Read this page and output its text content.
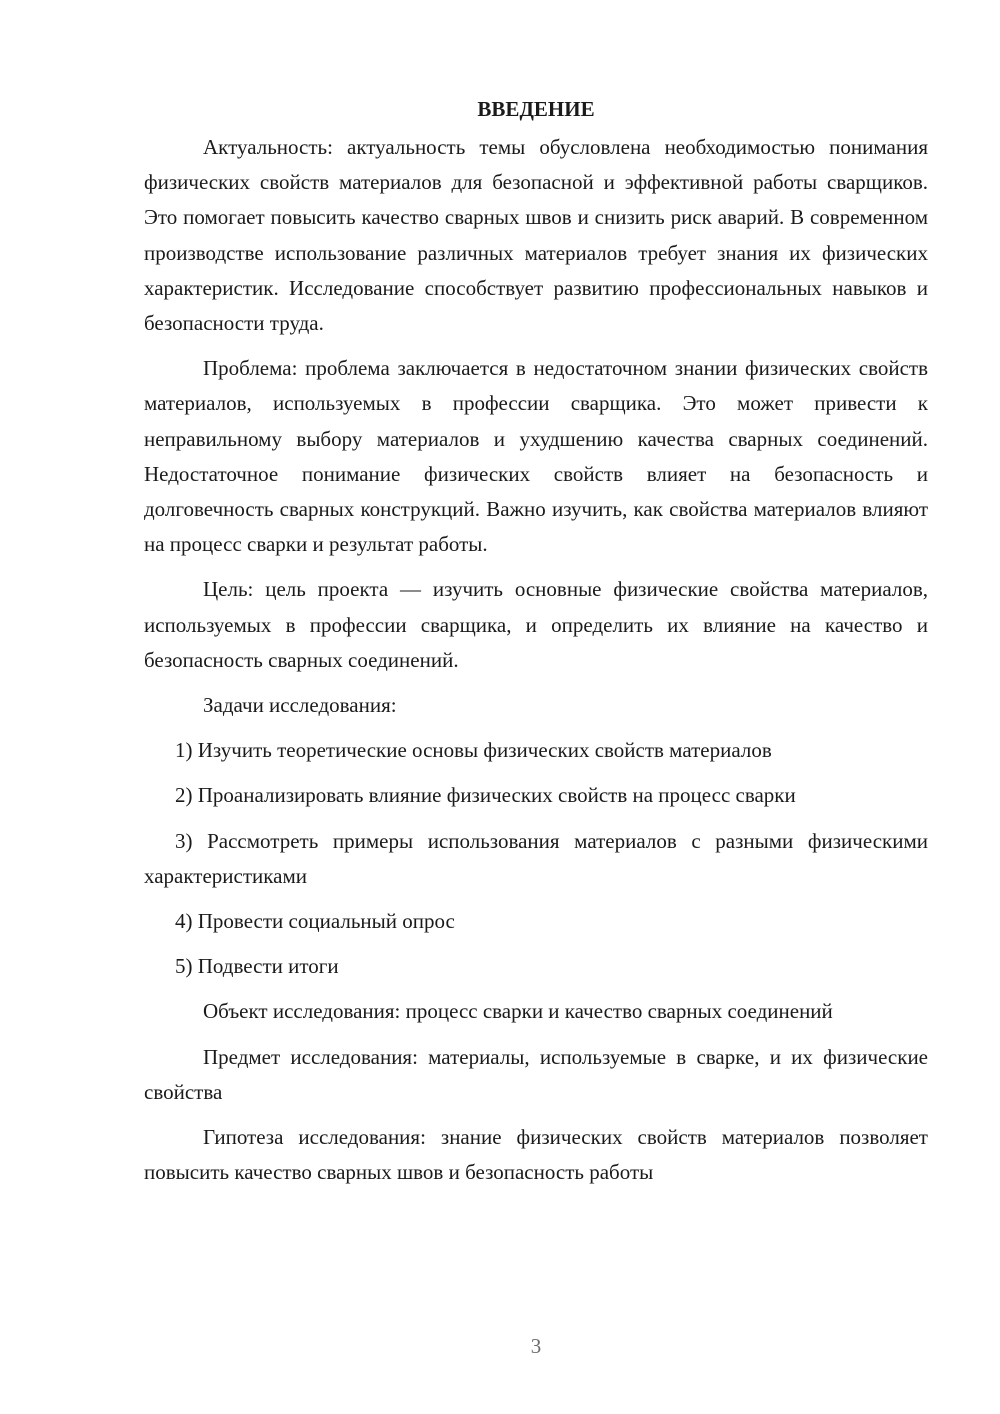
ВВЕДЕНИЕ

Актуальность: актуальность темы обусловлена необходимостью понимания физических свойств материалов для безопасной и эффективной работы сварщиков. Это помогает повысить качество сварных швов и снизить риск аварий. В современном производстве использование различных материалов требует знания их физических характеристик. Исследование способствует развитию профессиональных навыков и безопасности труда.

Проблема: проблема заключается в недостаточном знании физических свойств материалов, используемых в профессии сварщика. Это может привести к неправильному выбору материалов и ухудшению качества сварных соединений. Недостаточное понимание физических свойств влияет на безопасность и долговечность сварных конструкций. Важно изучить, как свойства материалов влияют на процесс сварки и результат работы.

Цель: цель проекта — изучить основные физические свойства материалов, используемых в профессии сварщика, и определить их влияние на качество и безопасность сварных соединений.

Задачи исследования:

1) Изучить теоретические основы физических свойств материалов

2) Проанализировать влияние физических свойств на процесс сварки

3) Рассмотреть примеры использования материалов с разными физическими характеристиками

4) Провести социальный опрос

5) Подвести итоги

Объект исследования: процесс сварки и качество сварных соединений

Предмет исследования: материалы, используемые в сварке, и их физические свойства

Гипотеза исследования: знание физических свойств материалов позволяет повысить качество сварных швов и безопасность работы

3
